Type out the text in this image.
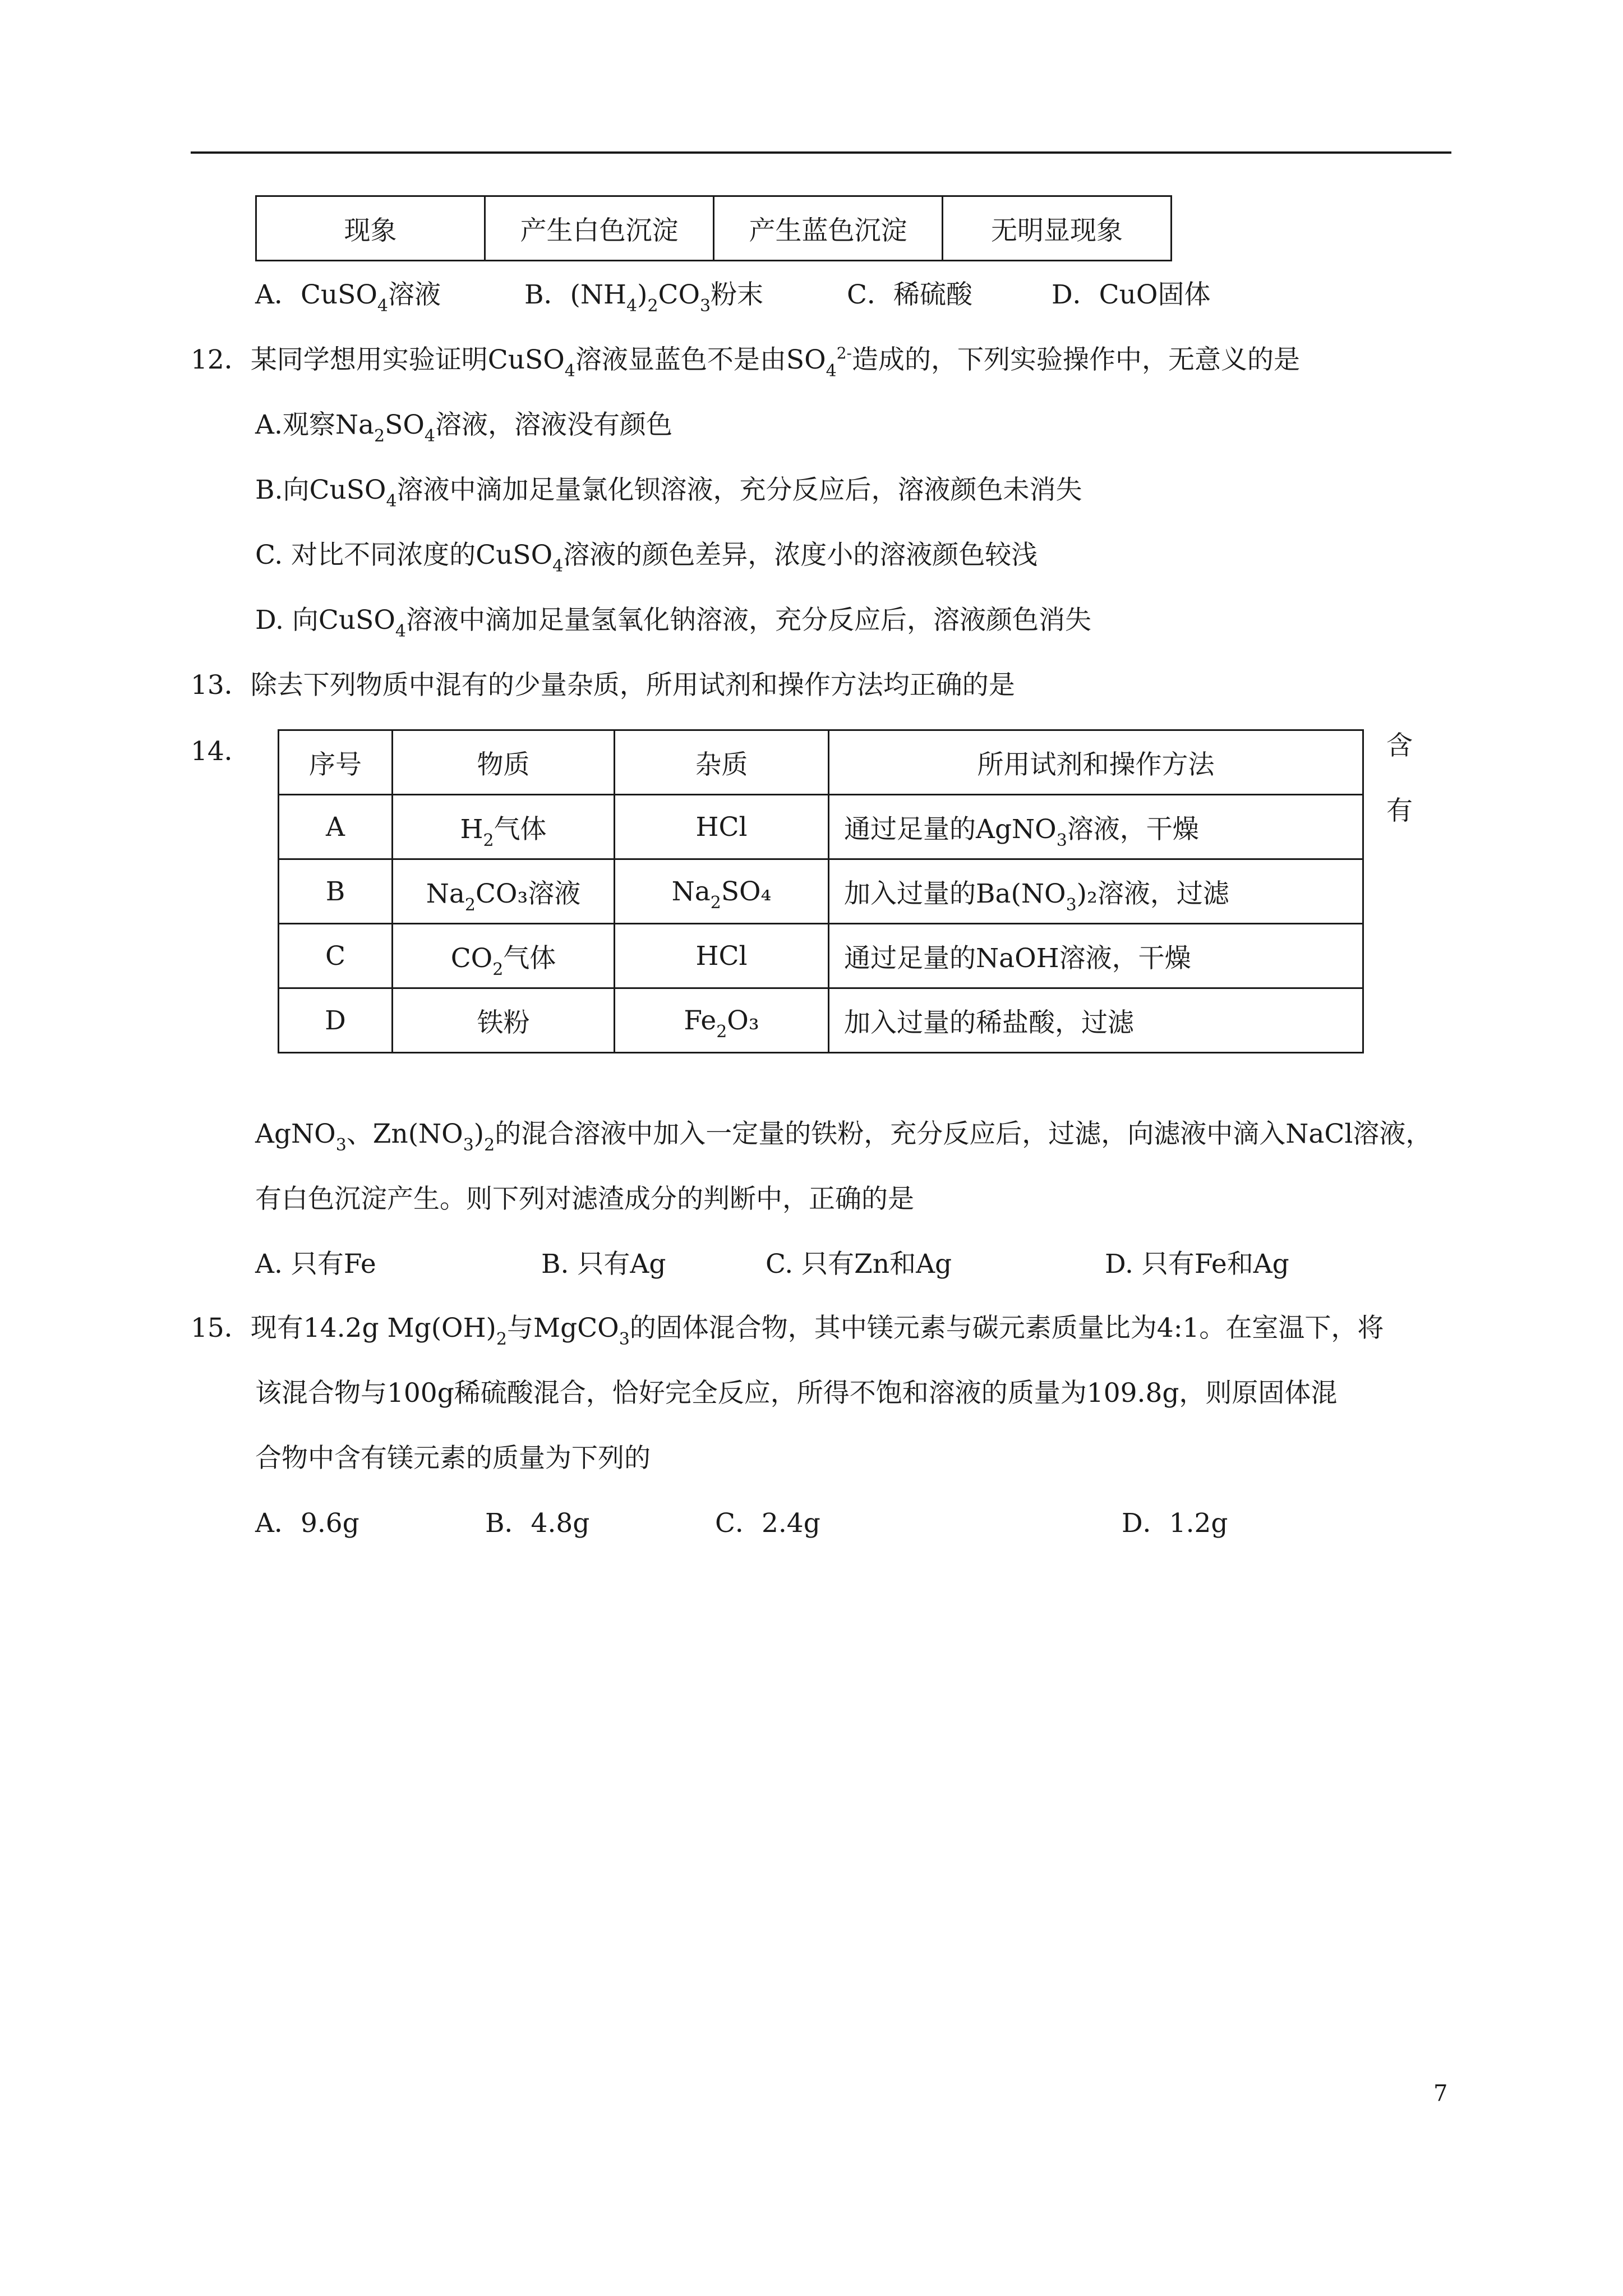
现象	产生白色沉淀	产生蓝色沉淀	无明显现象
A．CuSO$_4$溶液	B．$(NH_4)_2CO_3$粉末	C．稀硫酸	D．CuO固体
12．某同学想用实验证明CuSO$_4$溶液显蓝色不是由$SO_4^{2-}$造成的，下列实验操作中，无意义的是
A.观察$Na_2SO_4$溶液，溶液没有颜色
B.向CuSO$_4$溶液中滴加足量氯化钡溶液，充分反应后，溶液颜色未消失
C. 对比不同浓度的CuSO$_4$溶液的颜色差异，浓度小的溶液颜色较浅
D. 向CuSO$_4$溶液中滴加足量氢氧化钠溶液，充分反应后，溶液颜色消失
13．除去下列物质中混有的少量杂质，所用试剂和操作方法均正确的是
14． 序号	物质	杂质	所用试剂和操作方法
A	$H_2$气体	HCl	通过足量的AgNO$_3$溶液，干燥
B	$Na_2CO_3$溶液	$Na_2SO_4$	加入过量的$Ba(NO_3)_2$溶液，过滤
C	$CO_2$气体	HCl	通过足量的NaOH溶液，干燥
D	铁粉	$Fe_2O_3$	加入过量的稀盐酸，过滤
含
有
AgNO$_3$、$Zn(NO_3)_2$的混合溶液中加入一定量的铁粉，充分反应后，过滤，向滤液中滴入NaCl溶液，
有白色沉淀产生。则下列对滤渣成分的判断中，正确的是
A. 只有Fe	B. 只有Ag	C. 只有Zn和Ag	D. 只有Fe和Ag
15．现有14.2g $Mg(OH)_2$与MgCO$_3$的固体混合物，其中镁元素与碳元素质量比为4:1。在室温下，将
该混合物与100g稀硫酸混合，恰好完全反应，所得不饱和溶液的质量为109.8g，则原固体混
合物中含有镁元素的质量为下列的
A．9.6g	B．4.8g	C．2.4g	D．1.2g
7
